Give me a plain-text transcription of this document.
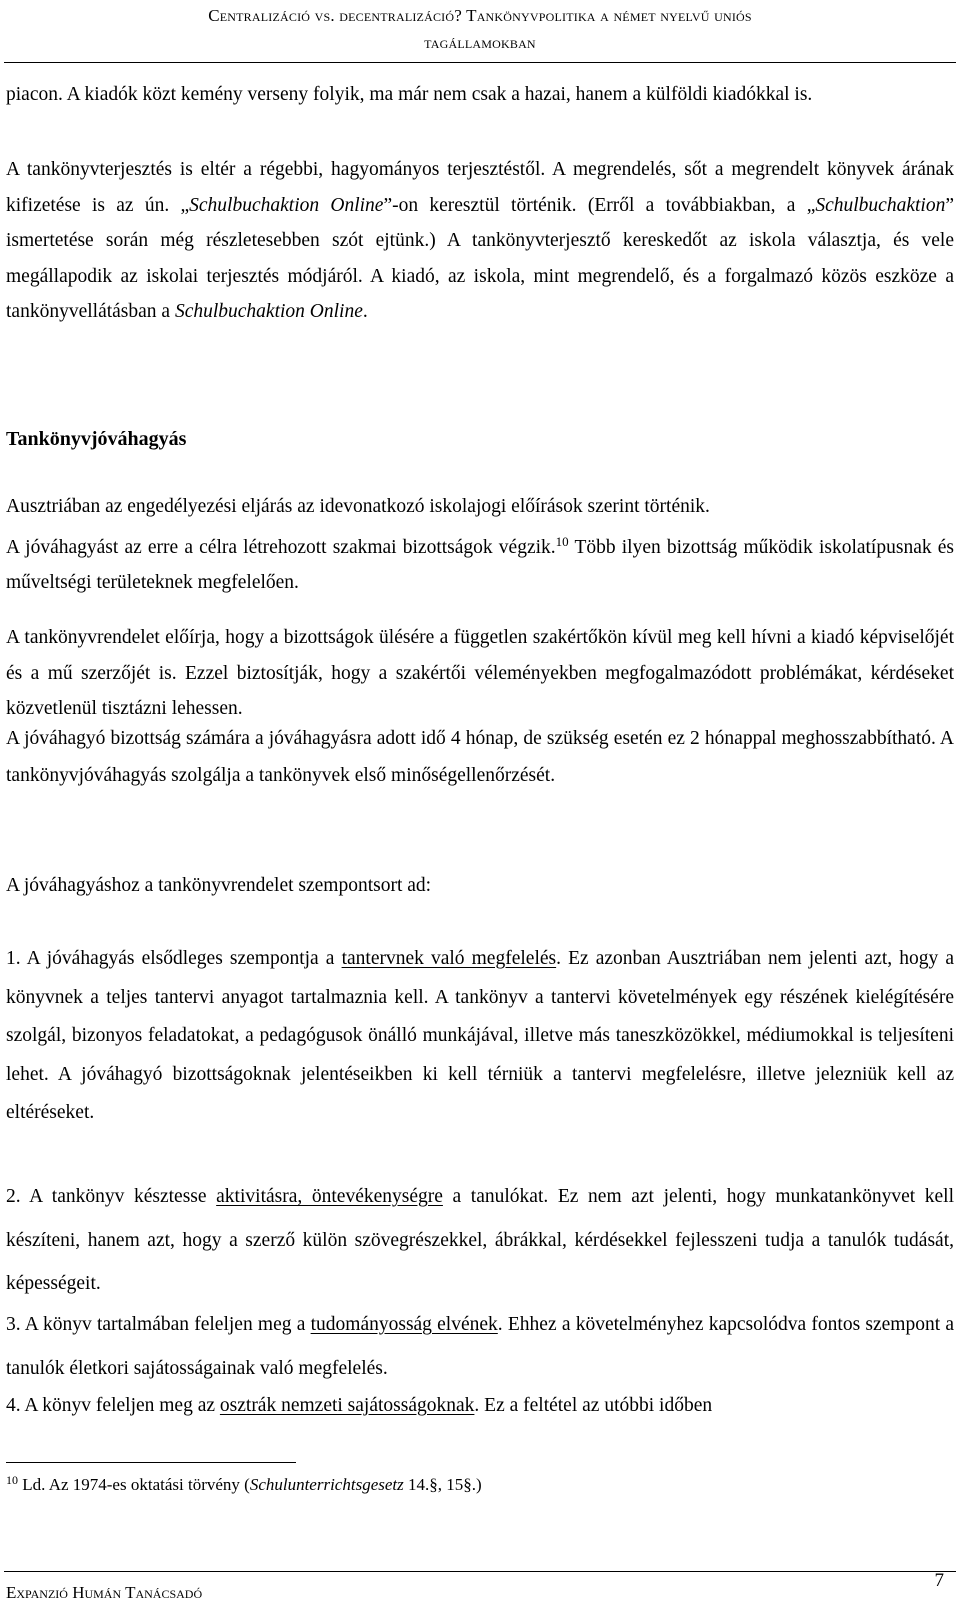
Centralizáció vs. decentralizáció? Tankönyvpolitika a német nyelvű uniós
tagállamokban
piacon. A kiadók közt kemény verseny folyik, ma már nem csak a hazai, hanem a külföldi kiadókkal is.
A tankönyvterjesztés is eltér a régebbi, hagyományos terjesztéstől. A megrendelés, sőt a megrendelt könyvek árának kifizetése is az ún. „Schulbuchaktion Online”-on keresztül történik. (Erről a továbbiakban, a „Schulbuchaktion” ismertetése során még részletesebben szót ejtünk.) A tankönyvterjesztő kereskedőt az iskola választja, és vele megállapodik az iskolai terjesztés módjáról. A kiadó, az iskola, mint megrendelő, és a forgalmazó közös eszköze a tankönyvellátásban a Schulbuchaktion Online.
Tankönyvjóváhagyás
Ausztriában az engedélyezési eljárás az idevonatkozó iskolajogi előírások szerint történik.
A jóváhagyást az erre a célra létrehozott szakmai bizottságok végzik.$^{10}$ Több ilyen bizottság működik iskolatípusnak és műveltségi területeknek megfelelően.
A tankönyvrendelet előírja, hogy a bizottságok ülésére a független szakértőkön kívül meg kell hívni a kiadó képviselőjét és a mű szerzőjét is. Ezzel biztosítják, hogy a szakértői véleményekben megfogalmazódott problémákat, kérdéseket közvetlenül tisztázni lehessen.
A jóváhagyó bizottság számára a jóváhagyásra adott idő 4 hónap, de szükség esetén ez 2 hónappal meghosszabbítható. A tankönyvjóváhagyás szolgálja a tankönyvek első minőségellenőrzését.
A jóváhagyáshoz a tankönyvrendelet szempontsort ad:
1. A jóváhagyás elsődleges szempontja a tantervnek való megfelelés. Ez azonban Ausztriában nem jelenti azt, hogy a könyvnek a teljes tantervi anyagot tartalmaznia kell. A tankönyv a tantervi követelmények egy részének kielégítésére szolgál, bizonyos feladatokat, a pedagógusok önálló munkájával, illetve más taneszközökkel, médiumokkal is teljesíteni lehet. A jóváhagyó bizottságoknak jelentéseikben ki kell térniük a tantervi megfelelésre, illetve jelezniük kell az eltéréseket.
2. A tankönyv késztesse aktivitásra, öntevékenységre a tanulókat. Ez nem azt jelenti, hogy munkatankönyvet kell készíteni, hanem azt, hogy a szerző külön szövegrészekkel, ábrákkal, kérdésekkel fejlesszeni tudja a tanulók tudását, képességeit.
3. A könyv tartalmában feleljen meg a tudományosság elvének. Ehhez a követelményhez kapcsolódva fontos szempont a tanulók életkori sajátosságainak való megfelelés.
4. A könyv feleljen meg az osztrák nemzeti sajátosságoknak. Ez a feltétel az utóbbi időben
$^{10}$ Ld. Az 1974-es oktatási törvény (Schulunterrichtsgesetz 14.§, 15§.)
Expanzió Humán Tanácsadó
7
